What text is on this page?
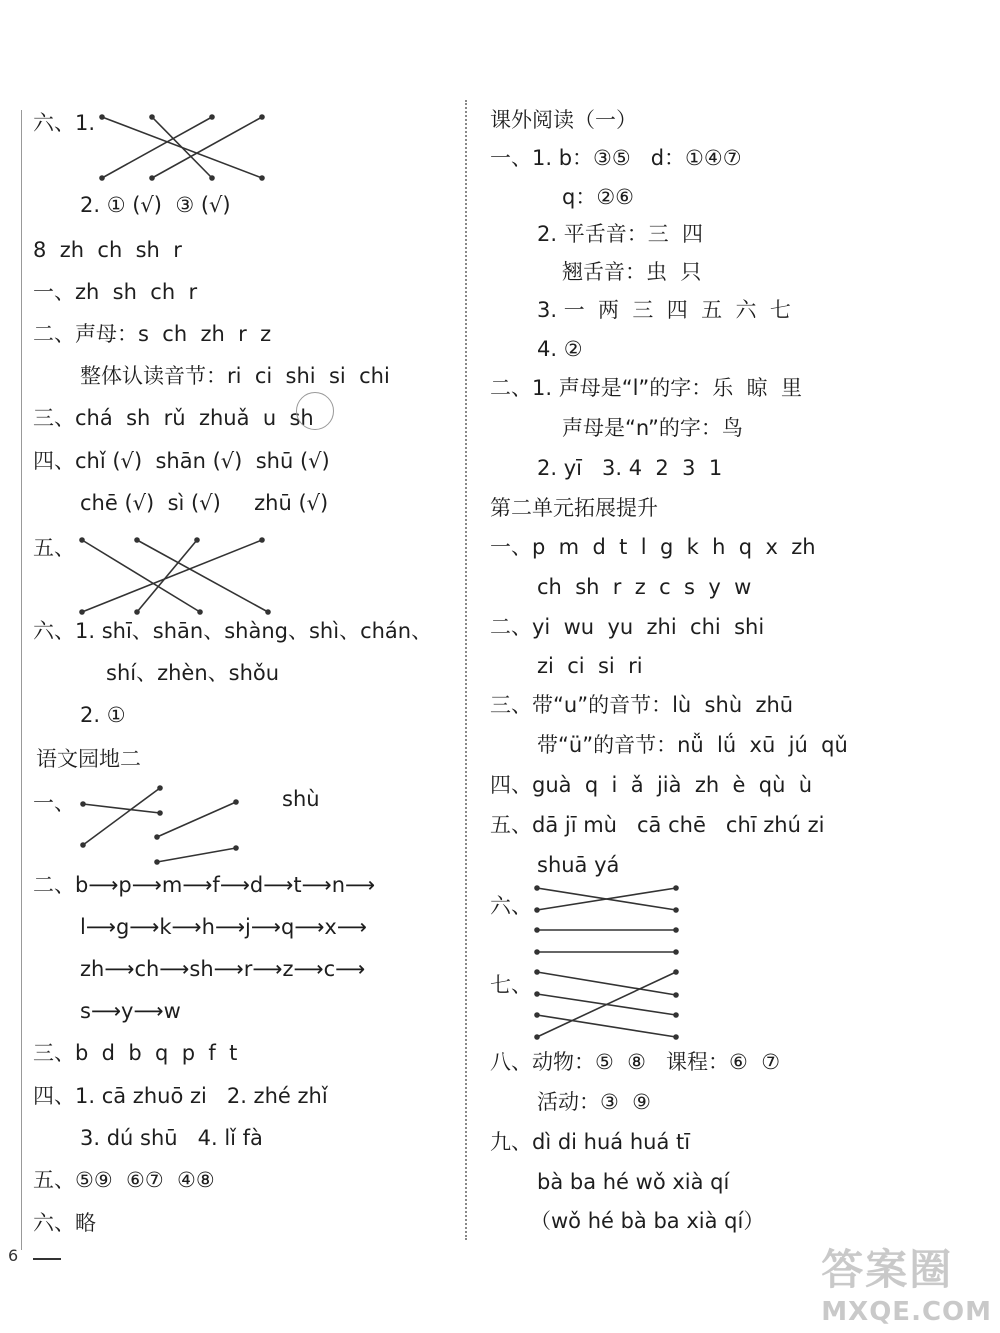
六、1.
2. ① (√)  ③ (√)
8  zh  ch  sh  r
一、zh  sh  ch  r
二、声母：s  ch  zh  r  z
整体认读音节：ri  ci  shi  si  chi
三、chá  sh  rǔ  zhuǎ  u  sh
四、chǐ (√)  shān (√)  shū (√)
chē (√)  sì (√)     zhū (√)
五、
六、1. shī、shān、shàng、shì、chán、
shí、zhèn、shǒu
2. ①
语文园地二
一、	shù
二、b⟶p⟶m⟶f⟶d⟶t⟶n⟶
l⟶g⟶k⟶h⟶j⟶q⟶x⟶
zh⟶ch⟶sh⟶r⟶z⟶c⟶
s⟶y⟶w
三、b  d  b  q  p  f  t
四、1. cā zhuō zi   2. zhé zhǐ
3. dú shū   4. lǐ fà
五、⑤⑨  ⑥⑦  ④⑧
六、略
课外阅读（一）
一、1. b：③⑤   d：①④⑦
q：②⑥
2. 平舌音：三  四
翘舌音：虫  只
3. 一  两  三  四  五  六  七
4. ②
二、1. 声母是“l”的字：乐  晾  里
声母是“n”的字：鸟
2. yī   3. 4  2  3  1
第二单元拓展提升
一、p  m  d  t  l  g  k  h  q  x  zh
ch  sh  r  z  c  s  y  w
二、yi  wu  yu  zhi  chi  shi
zi  ci  si  ri
三、带“u”的音节：lù  shù  zhū
带“ü”的音节：nǚ  lǘ  xū  jú  qǔ
四、guà  q  i  ǎ  jià  zh  è  qù  ù
五、dā jī mù   cā chē   chī zhú zi
shuā yá
六、
七、
八、动物：⑤  ⑧   课程：⑥  ⑦
活动：③  ⑨
九、dì di huá huá tī
bà ba hé wǒ xià qí
（wǒ hé bà ba xià qí）
6	答案圈
MXQE.COM
